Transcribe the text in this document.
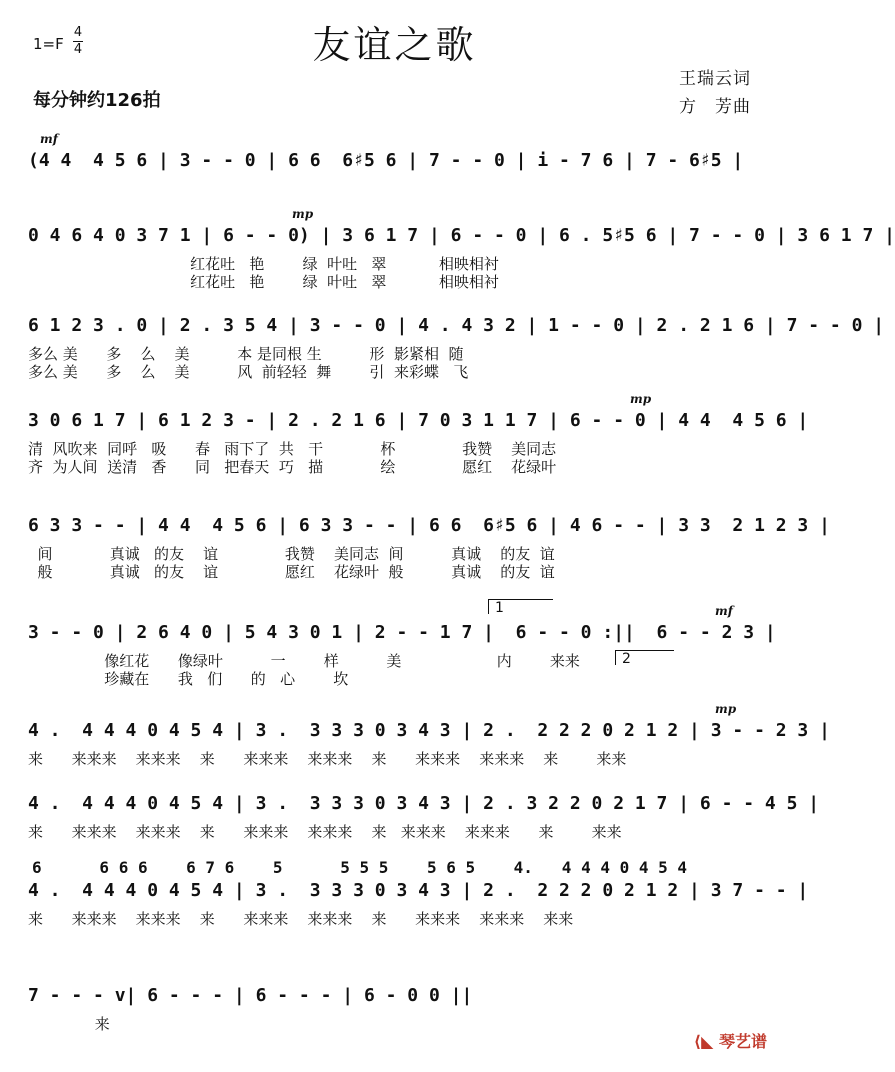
友谊之歌
1=F
4
4
每分钟约126拍
王瑞云词
方　芳曲
mf
(4 4  4 5 6 | 3 - - 0 | 6 6  6♯5 6 | 7 - - 0 | i - 7 6 | 7 - 6♯5 |
mp
0 4 6 4 0 3 7 1 | 6 - - 0) | 3 6 1 7 | 6 - - 0 | 6 . 5♯5 6 | 7 - - 0 | 3 6 1 7 |
红花吐   艳        绿  叶吐   翠           相映相衬
红花吐   艳        绿  叶吐   翠           相映相衬
6 1 2 3 . 0 | 2 . 3 5 4 | 3 - - 0 | 4 . 4 3 2 | 1 - - 0 | 2 . 2 1 6 | 7 - - 0 |
多么 美      多    么    美          本 是同根 生          形  影紧相  随
多么 美      多    么    美          风  前轻轻  舞        引  来彩蝶   飞
mp
3 0 6 1 7 | 6 1 2 3 - | 2 . 2 1 6 | 7 0 3 1 1 7 | 6 - - 0 | 4 4  4 5 6 |
清  风吹来  同呼   吸      春   雨下了  共   干            杯              我赞    美同志
齐  为人间  送清   香      同   把春天  巧   描            绘              愿红    花绿叶
6 3 3 - - | 4 4  4 5 6 | 6 3 3 - - | 6 6  6♯5 6 | 4 6 - - | 3 3  2 1 2 3 |
间            真诚   的友    谊              我赞    美同志  间          真诚    的友  谊
般            真诚   的友    谊              愿红    花绿叶  般          真诚    的友  谊
mf
3 - - 0 | 2 6 4 0 | 5 4 3 0 1 | 2 - - 1 7 |  6 - - 0 :||  6 - - 2 3 |
像红花      像绿叶          一        样          美                    内        来来
珍藏在      我   们      的   心        坎
mp
4 .  4 4 4 0 4 5 4 | 3 .  3 3 3 0 3 4 3 | 2 .  2 2 2 0 2 1 2 | 3 - - 2 3 |
来      来来来    来来来    来      来来来    来来来    来      来来来    来来来    来        来来
4 .  4 4 4 0 4 5 4 | 3 .  3 3 3 0 3 4 3 | 2 . 3 2 2 0 2 1 7 | 6 - - 4 5 |
来      来来来    来来来    来      来来来    来来来    来   来来来    来来来      来        来来
6      6 6 6    6 7 6    5      5 5 5    5 6 5    4.   4 4 4 0 4 5 4
4 .  4 4 4 0 4 5 4 | 3 .  3 3 3 0 3 4 3 | 2 .  2 2 2 0 2 1 2 | 3 7 - - |
来      来来来    来来来    来      来来来    来来来    来      来来来    来来来    来来
7 - - - v| 6 - - - | 6 - - - | 6 - 0 0 ||
来
1
2
⟨◣ 琴艺谱
